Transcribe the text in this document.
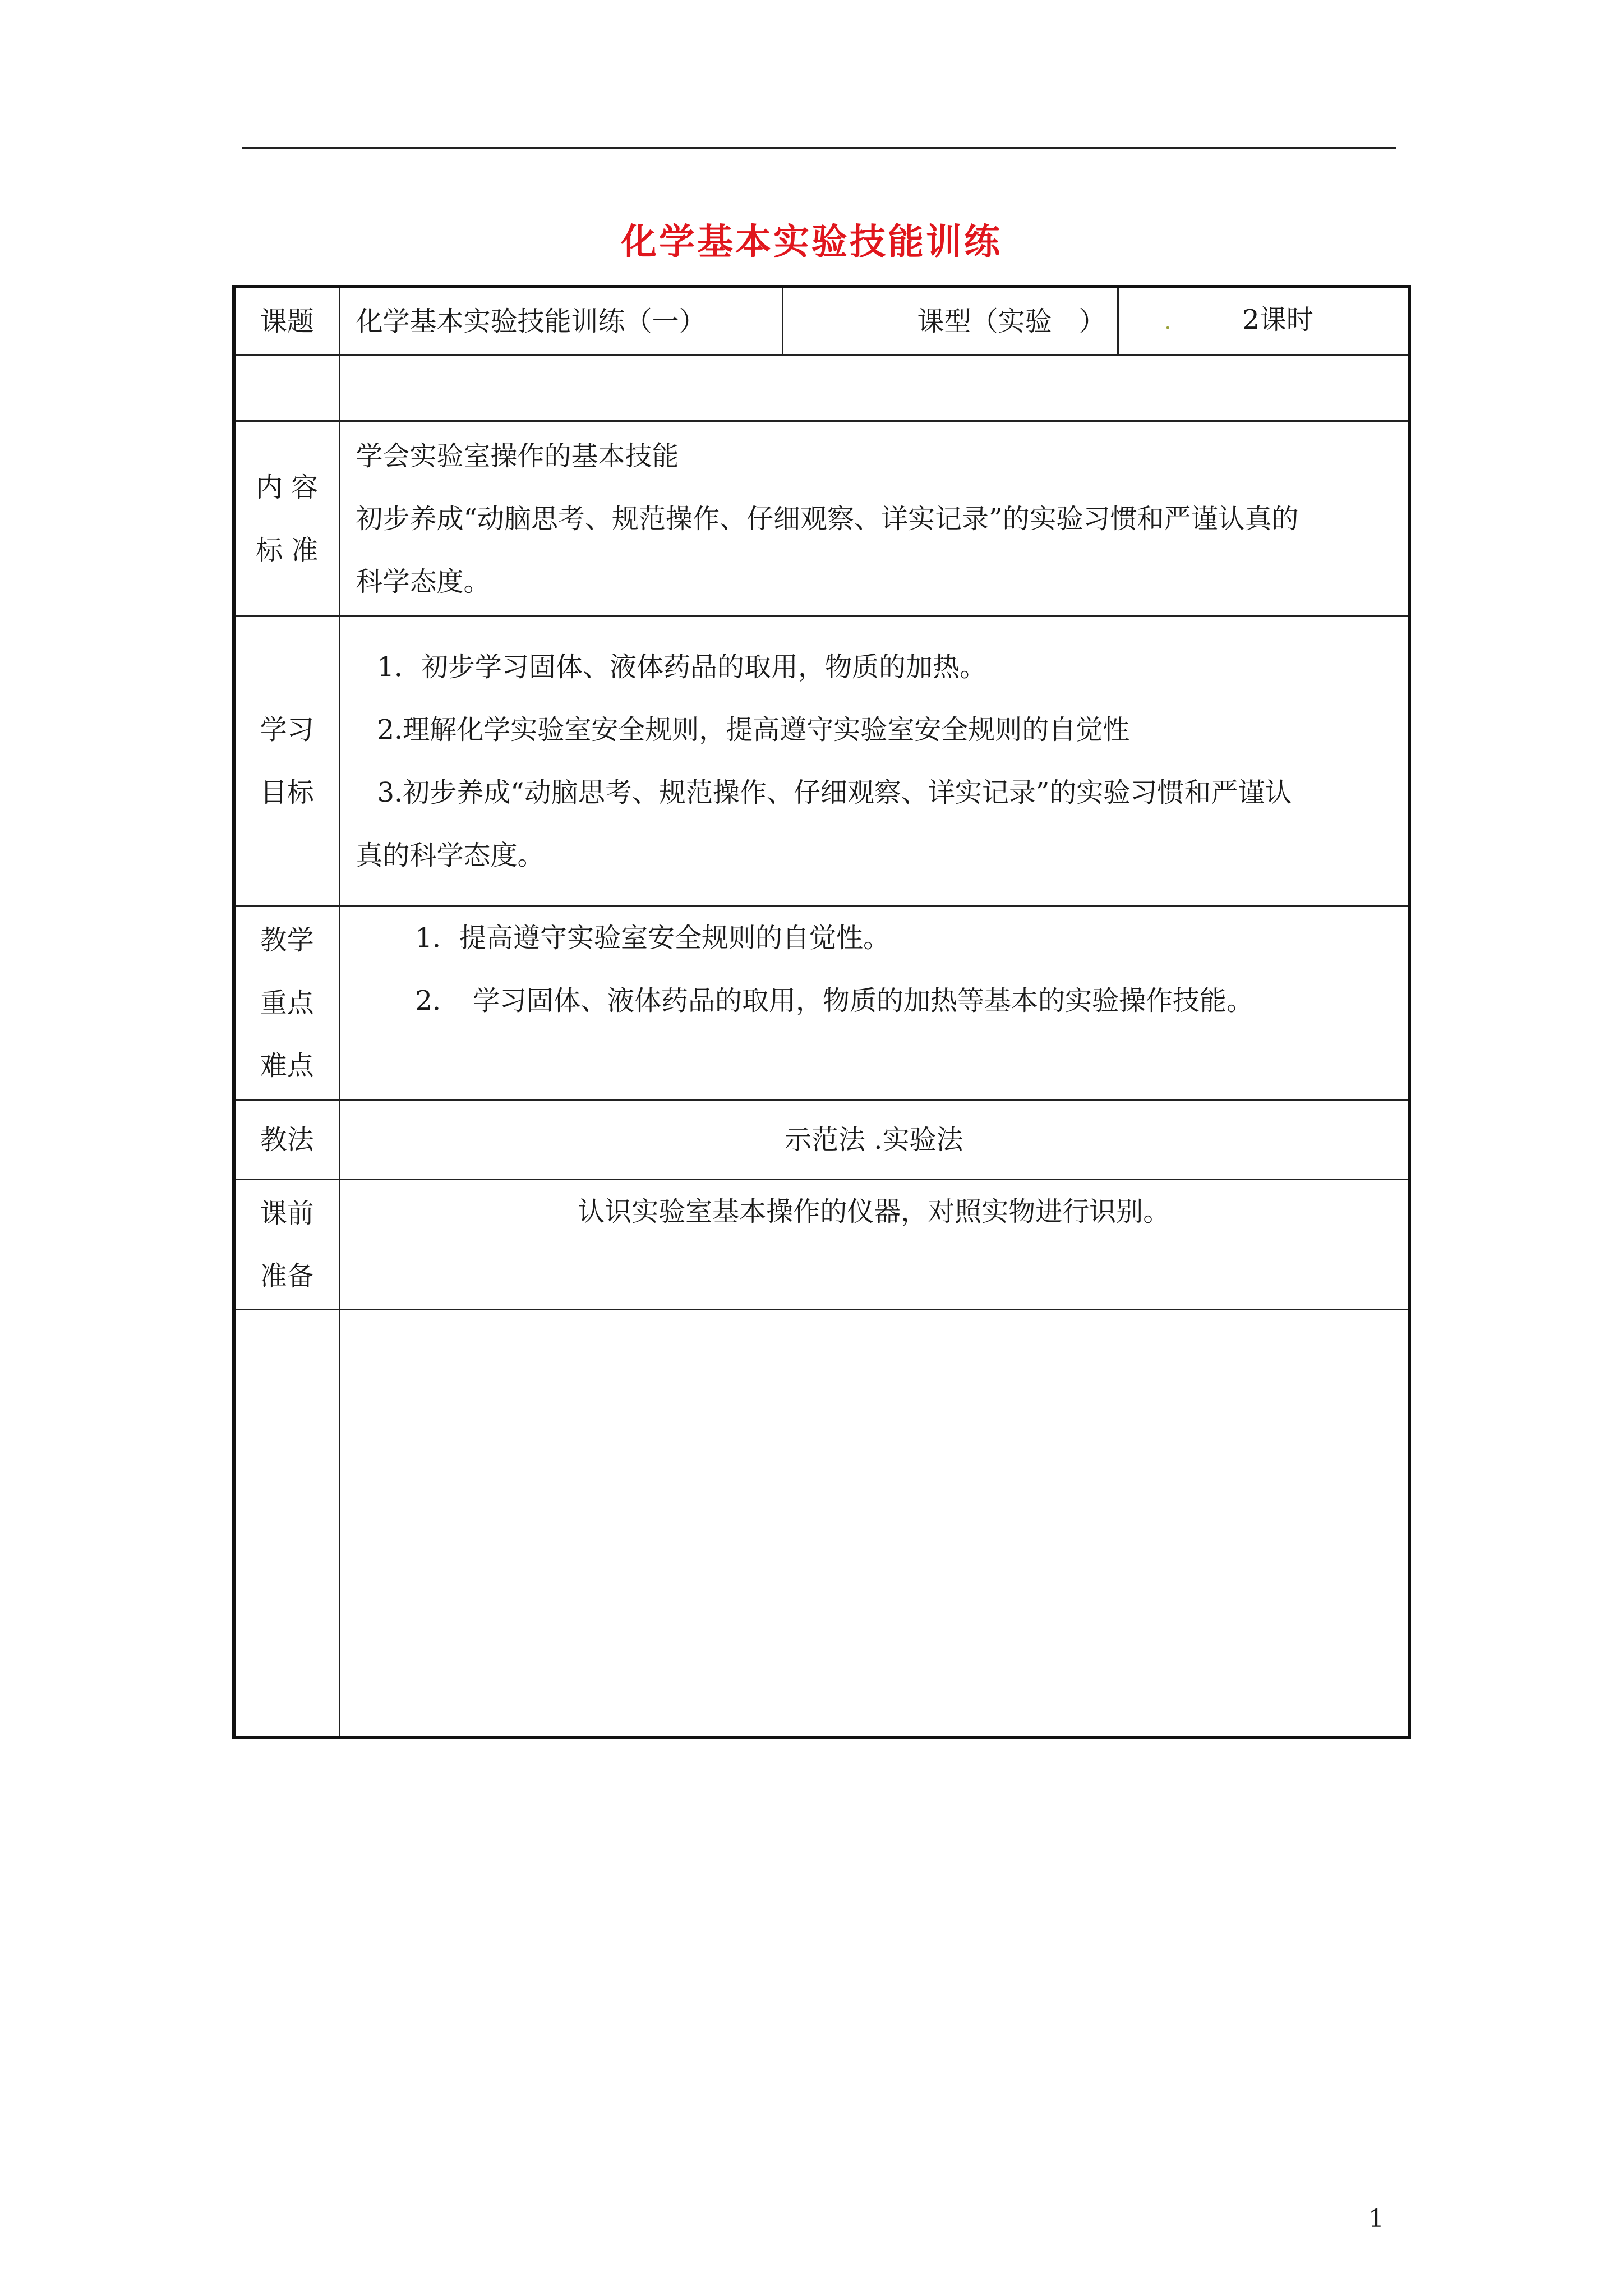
化学基本实验技能训练
课题	化学基本实验技能训练（一）	课型（实验　）	. 2课时

内 容
标 准	学会实验室操作的基本技能
初步养成“动脑思考、规范操作、仔细观察、详实记录”的实验习惯和严谨认真的
科学态度。		

学习
目标	1．初步学习固体、液体药品的取用，物质的加热。
2.理解化学实验室安全规则，提高遵守实验室安全规则的自觉性
3.初步养成“动脑思考、规范操作、仔细观察、详实记录”的实验习惯和严谨认
真的科学态度。		

教学
重点
难点	1．提高遵守实验室安全规则的自觉性。
2．　学习固体、液体药品的取用，物质的加热等基本的实验操作技能。		

教法	示范法 .实验法		

课前
准备	认识实验室基本操作的仪器，对照实物进行识别。		

1
